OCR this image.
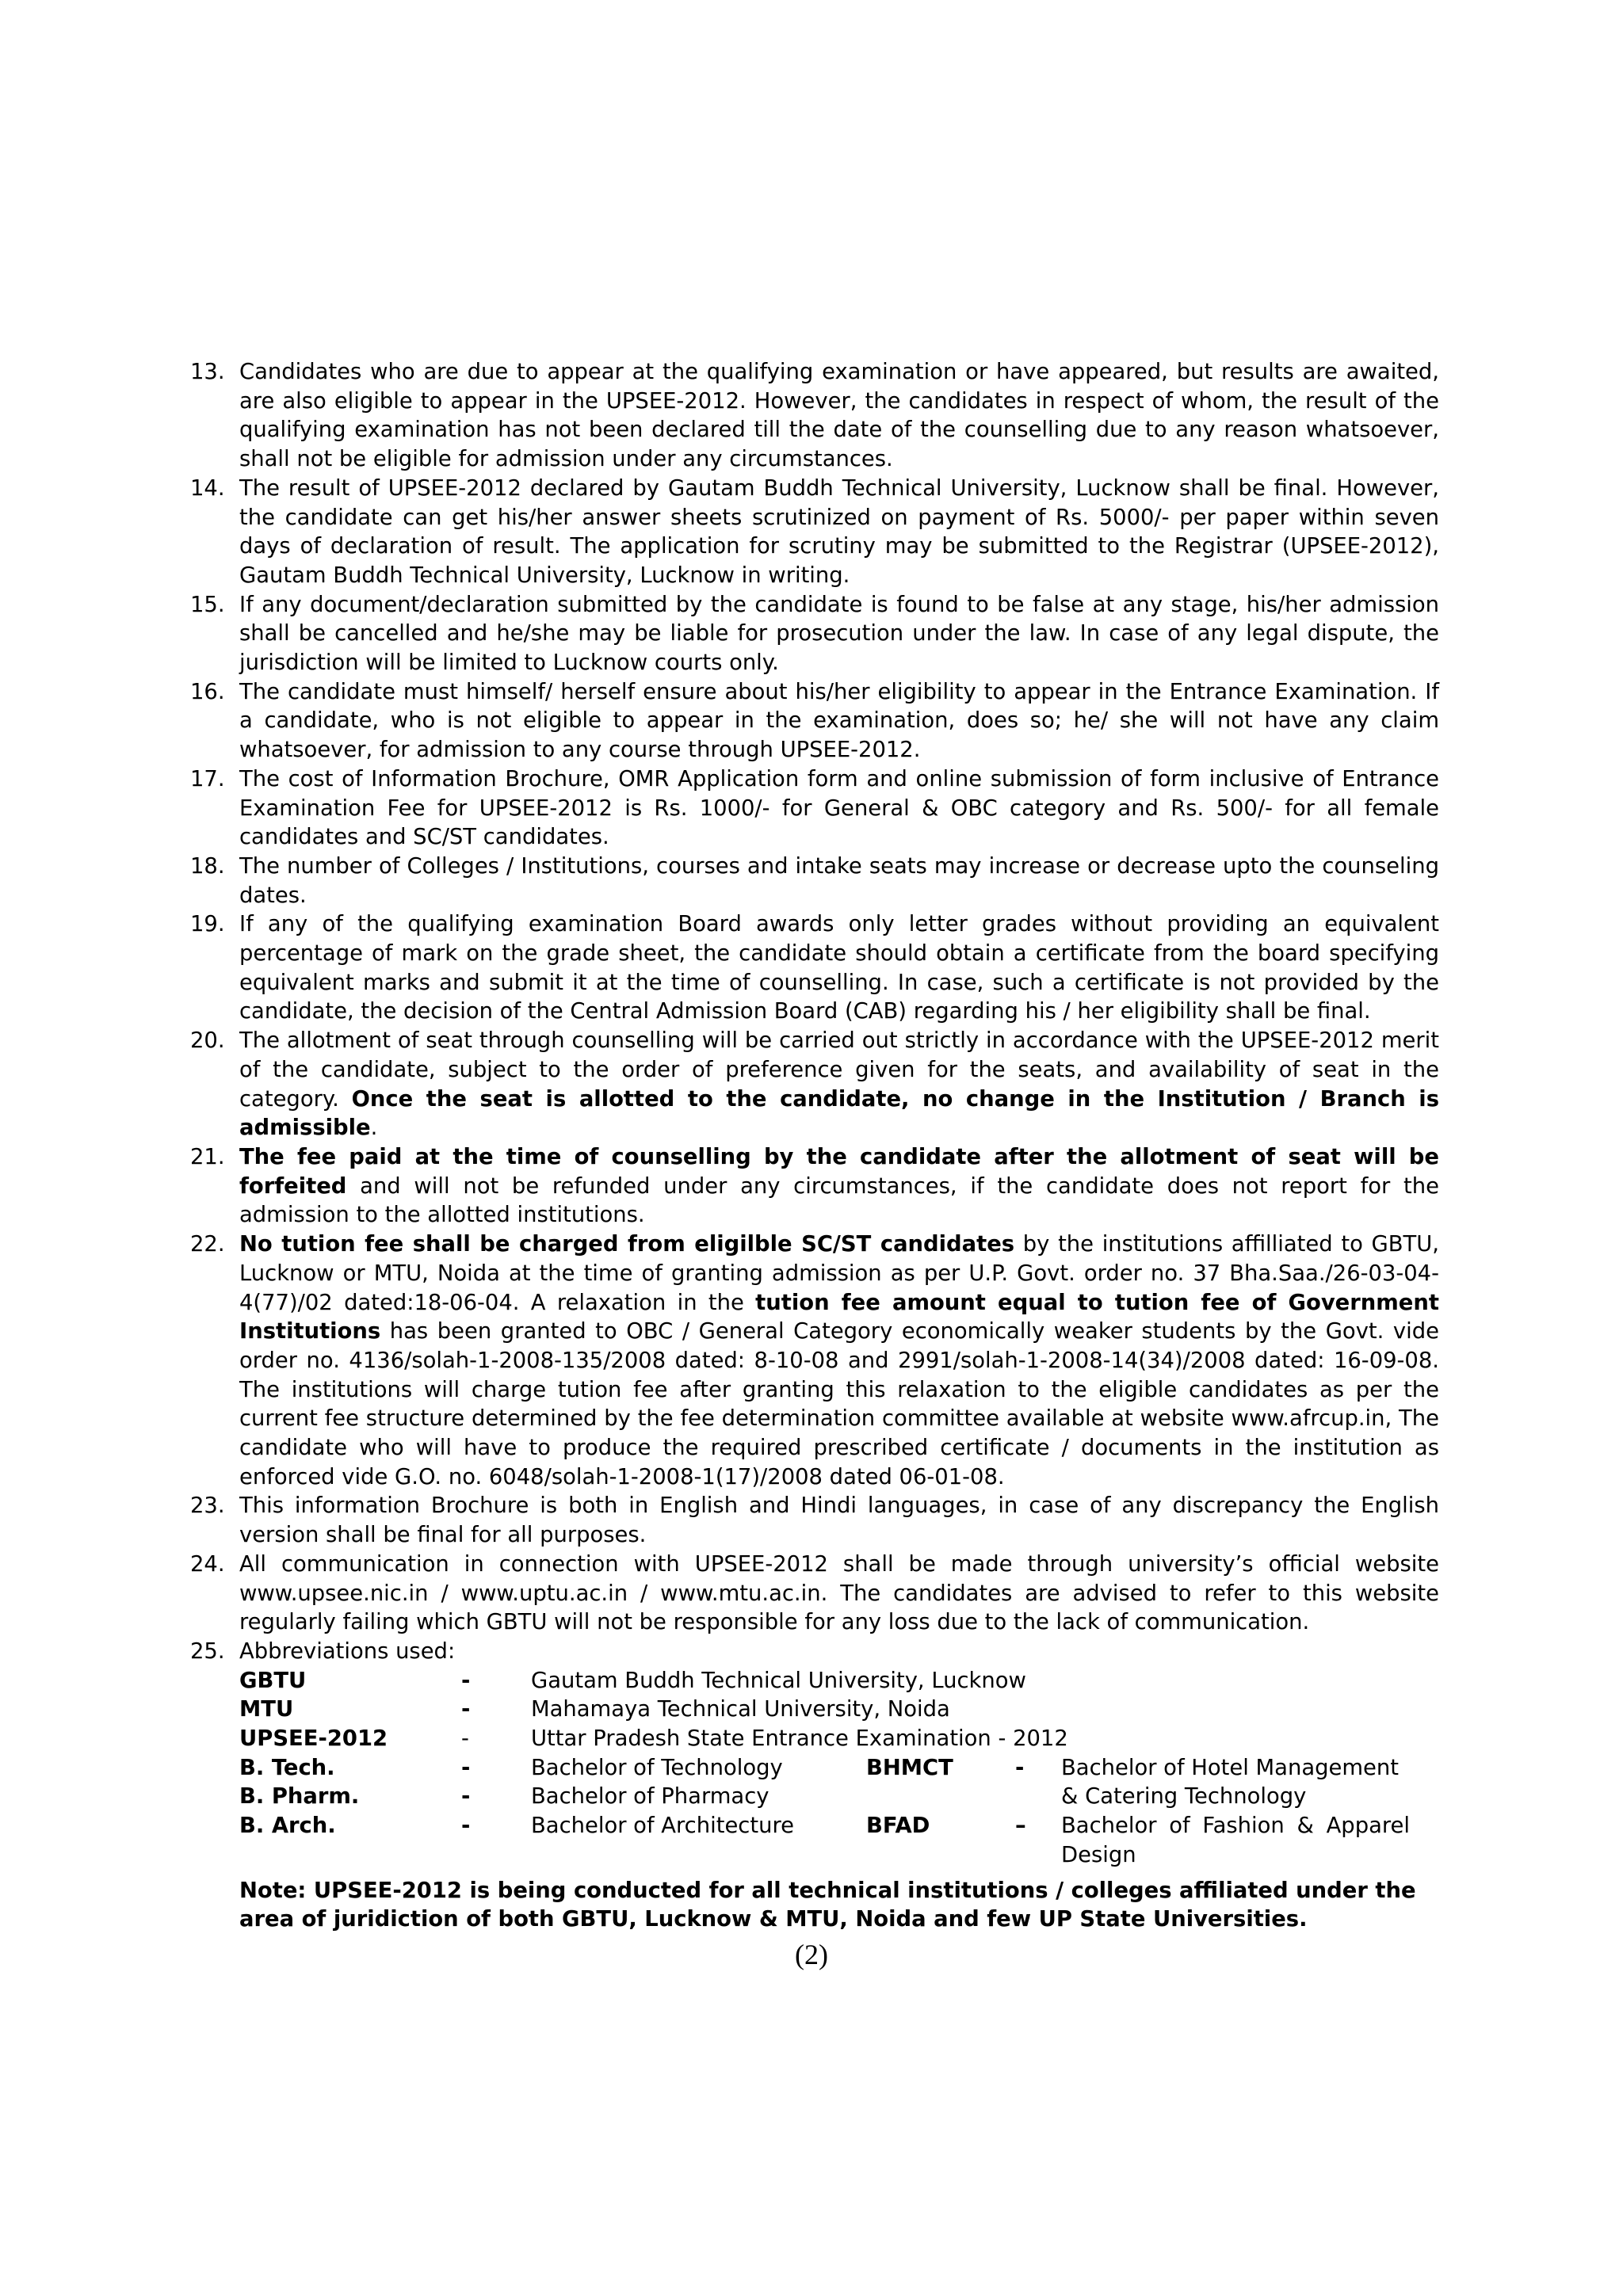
13. Candidates who are due to appear at the qualifying examination or have appeared, but results are awaited, are also eligible to appear in the UPSEE-2012. However, the candidates in respect of whom, the result of the qualifying examination has not been declared till the date of the counselling due to any reason whatsoever, shall not be eligible for admission under any circumstances.
14. The result of UPSEE-2012 declared by Gautam Buddh Technical University, Lucknow shall be final. However, the candidate can get his/her answer sheets scrutinized on payment of Rs. 5000/- per paper within seven days of declaration of result. The application for scrutiny may be submitted to the Registrar (UPSEE-2012), Gautam Buddh Technical University, Lucknow in writing.
15. If any document/declaration submitted by the candidate is found to be false at any stage, his/her admission shall be cancelled and he/she may be liable for prosecution under the law. In case of any legal dispute, the jurisdiction will be limited to Lucknow courts only.
16. The candidate must himself/ herself ensure about his/her eligibility to appear in the Entrance Examination. If a candidate, who is not eligible to appear in the examination, does so; he/ she will not have any claim whatsoever, for admission to any course through UPSEE-2012.
17. The cost of Information Brochure, OMR Application form and online submission of form inclusive of Entrance Examination Fee for UPSEE-2012 is Rs. 1000/- for General & OBC category and Rs. 500/- for all female candidates and SC/ST candidates.
18. The number of Colleges / Institutions, courses and intake seats may increase or decrease upto the counseling dates.
19. If any of the qualifying examination Board awards only letter grades without providing an equivalent percentage of mark on the grade sheet, the candidate should obtain a certificate from the board specifying equivalent marks and submit it at the time of counselling. In case, such a certificate is not provided by the candidate, the decision of the Central Admission Board (CAB) regarding his / her eligibility shall be final.
20. The allotment of seat through counselling will be carried out strictly in accordance with the UPSEE-2012 merit of the candidate, subject to the order of preference given for the seats, and availability of seat in the category. Once the seat is allotted to the candidate, no change in the Institution / Branch is admissible.
21. The fee paid at the time of counselling by the candidate after the allotment of seat will be forfeited and will not be refunded under any circumstances, if the candidate does not report for the admission to the allotted institutions.
22. No tution fee shall be charged from eligilble SC/ST candidates by the institutions affilliated to GBTU, Lucknow or MTU, Noida at the time of granting admission as per U.P. Govt. order no. 37 Bha.Saa./26-03-04-4(77)/02 dated:18-06-04. A relaxation in the tution fee amount equal to tution fee of Government Institutions has been granted to OBC / General Category economically weaker students by the Govt. vide order no. 4136/solah-1-2008-135/2008 dated: 8-10-08 and 2991/solah-1-2008-14(34)/2008 dated: 16-09-08. The institutions will charge tution fee after granting this relaxation to the eligible candidates as per the current fee structure determined by the fee determination committee available at website www.afrcup.in, The candidate who will have to produce the required prescribed certificate / documents in the institution as enforced vide G.O. no. 6048/solah-1-2008-1(17)/2008 dated 06-01-08.
23. This information Brochure is both in English and Hindi languages, in case of any discrepancy the English version shall be final for all purposes.
24. All communication in connection with UPSEE-2012 shall be made through university’s official website www.upsee.nic.in / www.uptu.ac.in / www.mtu.ac.in. The candidates are advised to refer to this website regularly failing which GBTU will not be responsible for any loss due to the lack of communication.
25. Abbreviations used:
GBTU	-	Gautam Buddh Technical University, Lucknow			
MTU	-	Mahamaya Technical University, Noida			
UPSEE-2012	-	Uttar Pradesh State Entrance Examination - 2012			
B. Tech.	-	Bachelor of Technology	BHMCT	-	Bachelor of Hotel Management
B. Pharm.	-	Bachelor of Pharmacy			& Catering Technology
B. Arch.	-	Bachelor of Architecture	BFAD	–	Bachelor of Fashion & Apparel Design
Note: UPSEE-2012 is being conducted for all technical institutions / colleges affiliated under the area of juridiction of both GBTU, Lucknow & MTU, Noida and few UP State Universities.
(2)
